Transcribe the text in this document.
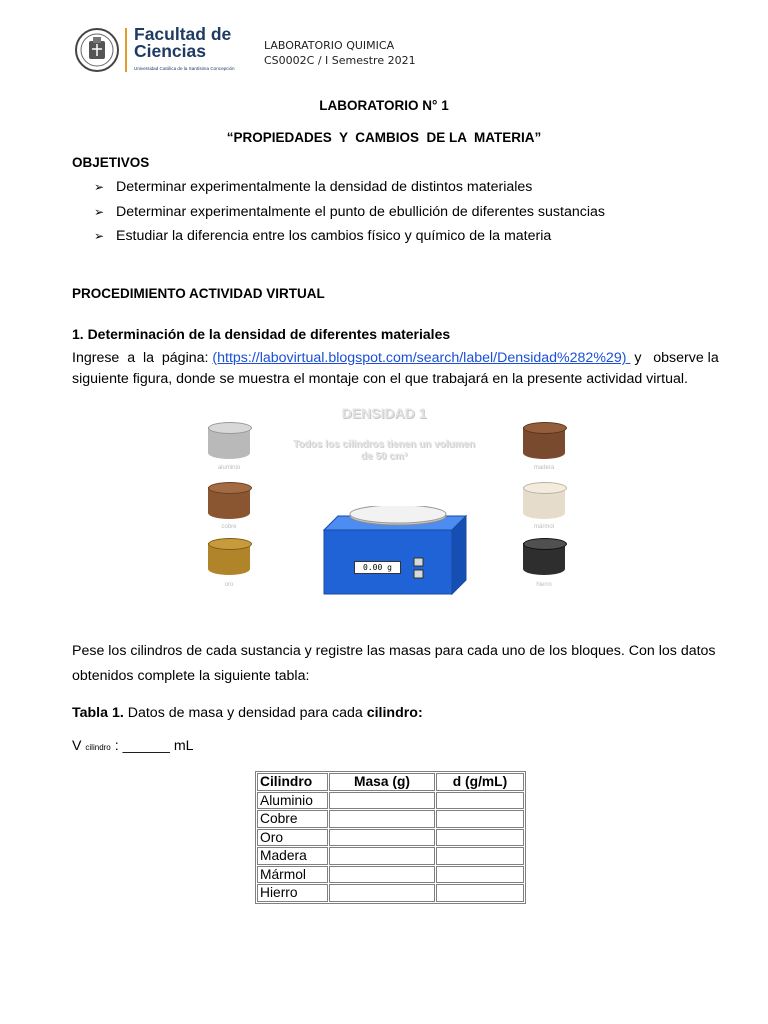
Facultad de Ciencias
Universidad Católica de la Santísima Concepción
LABORATORIO QUIMICA
CS0002C / I Semestre 2021
LABORATORIO N° 1
“PROPIEDADES  Y  CAMBIOS  DE LA  MATERIA”
OBJETIVOS
➢ Determinar experimentalmente la densidad de distintos materiales
➢ Determinar experimentalmente el punto de ebullición de diferentes sustancias
➢ Estudiar la diferencia entre los cambios físico y químico de la materia
PROCEDIMIENTO ACTIVIDAD VIRTUAL
1. Determinación de la densidad de diferentes materiales
Ingrese  a  la  página: (https://labovirtual.blogspot.com/search/label/Densidad%282%29)  y   observe la
siguiente figura, donde se muestra el montaje con el que trabajará en la presente actividad virtual.
DENSIDAD 1
Todos los cilindros tienen un volumen
de 50 cm³
aluminio
cobre
oro
madera
mármol
hierro
0.00 g
Pese los cilindros de cada sustancia y registre las masas para cada uno de los bloques. Con los datos
obtenidos complete la siguiente tabla:
Tabla 1. Datos de masa y densidad para cada cilindro:
V cilindro : ______ mL
Cilindro	Masa (g)	d (g/mL)
Aluminio		
Cobre		
Oro		
Madera		
Mármol		
Hierro		
